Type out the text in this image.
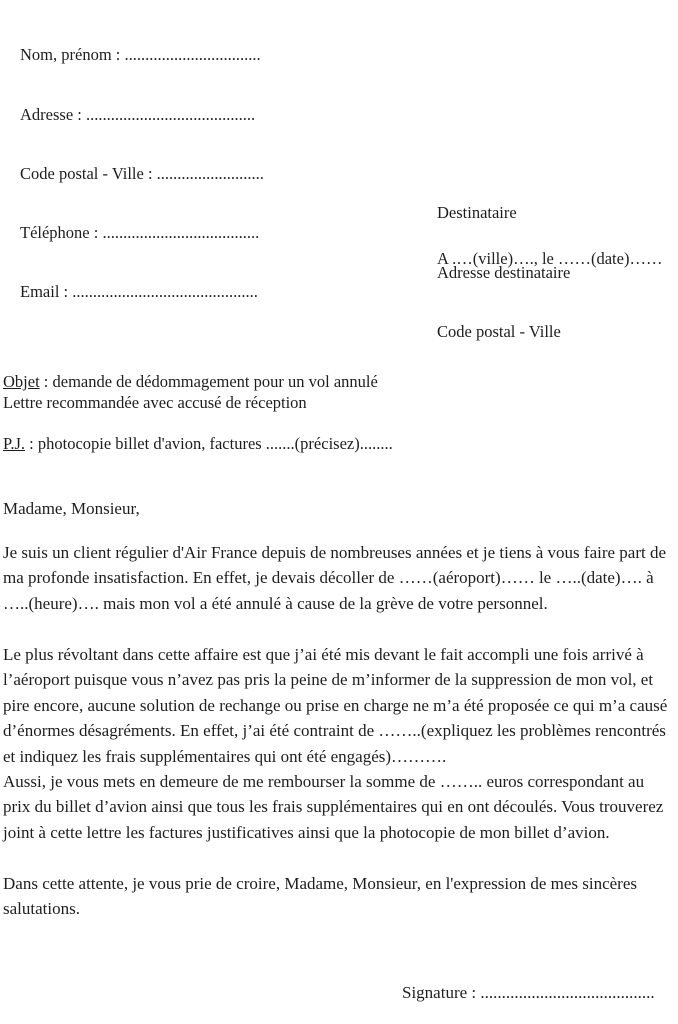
Nom, prénom : .................................

Adresse : .........................................

Code postal - Ville : ..........................

Téléphone : ......................................

Email : .............................................

Destinataire

Adresse destinataire

Code postal - Ville

A .…(ville)…., le ……(date)……

Objet : demande de dédommagement pour un vol annulé

P.J. : photocopie billet d'avion, factures .......(précisez)........

Lettre recommandée avec accusé de réception
Madame, Monsieur,
Je suis un client régulier d'Air France depuis de nombreuses années et je tiens à vous faire part de ma profonde insatisfaction. En effet, je devais décoller de ……(aéroport)…… le …..(date)…. à …..(heure)…. mais mon vol a été annulé à cause de la grève de votre personnel.
Le plus révoltant dans cette affaire est que j’ai été mis devant le fait accompli une fois arrivé à l’aéroport puisque vous n’avez pas pris la peine de m’informer de la suppression de mon vol, et pire encore, aucune solution de rechange ou prise en charge ne m’a été proposée ce qui m’a causé d’énormes désagréments. En effet, j’ai été contraint de ……..(expliquez les problèmes rencontrés et indiquez les frais supplémentaires qui ont été engagés)……….
Aussi, je vous mets en demeure de me rembourser la somme de …….. euros correspondant au prix du billet d’avion ainsi que tous les frais supplémentaires qui en ont découlés. Vous trouverez joint à cette lettre les factures justificatives ainsi que la photocopie de mon billet d’avion.
Dans cette attente, je vous prie de croire, Madame, Monsieur, en l'expression de mes sincères salutations.
Signature : .........................................
